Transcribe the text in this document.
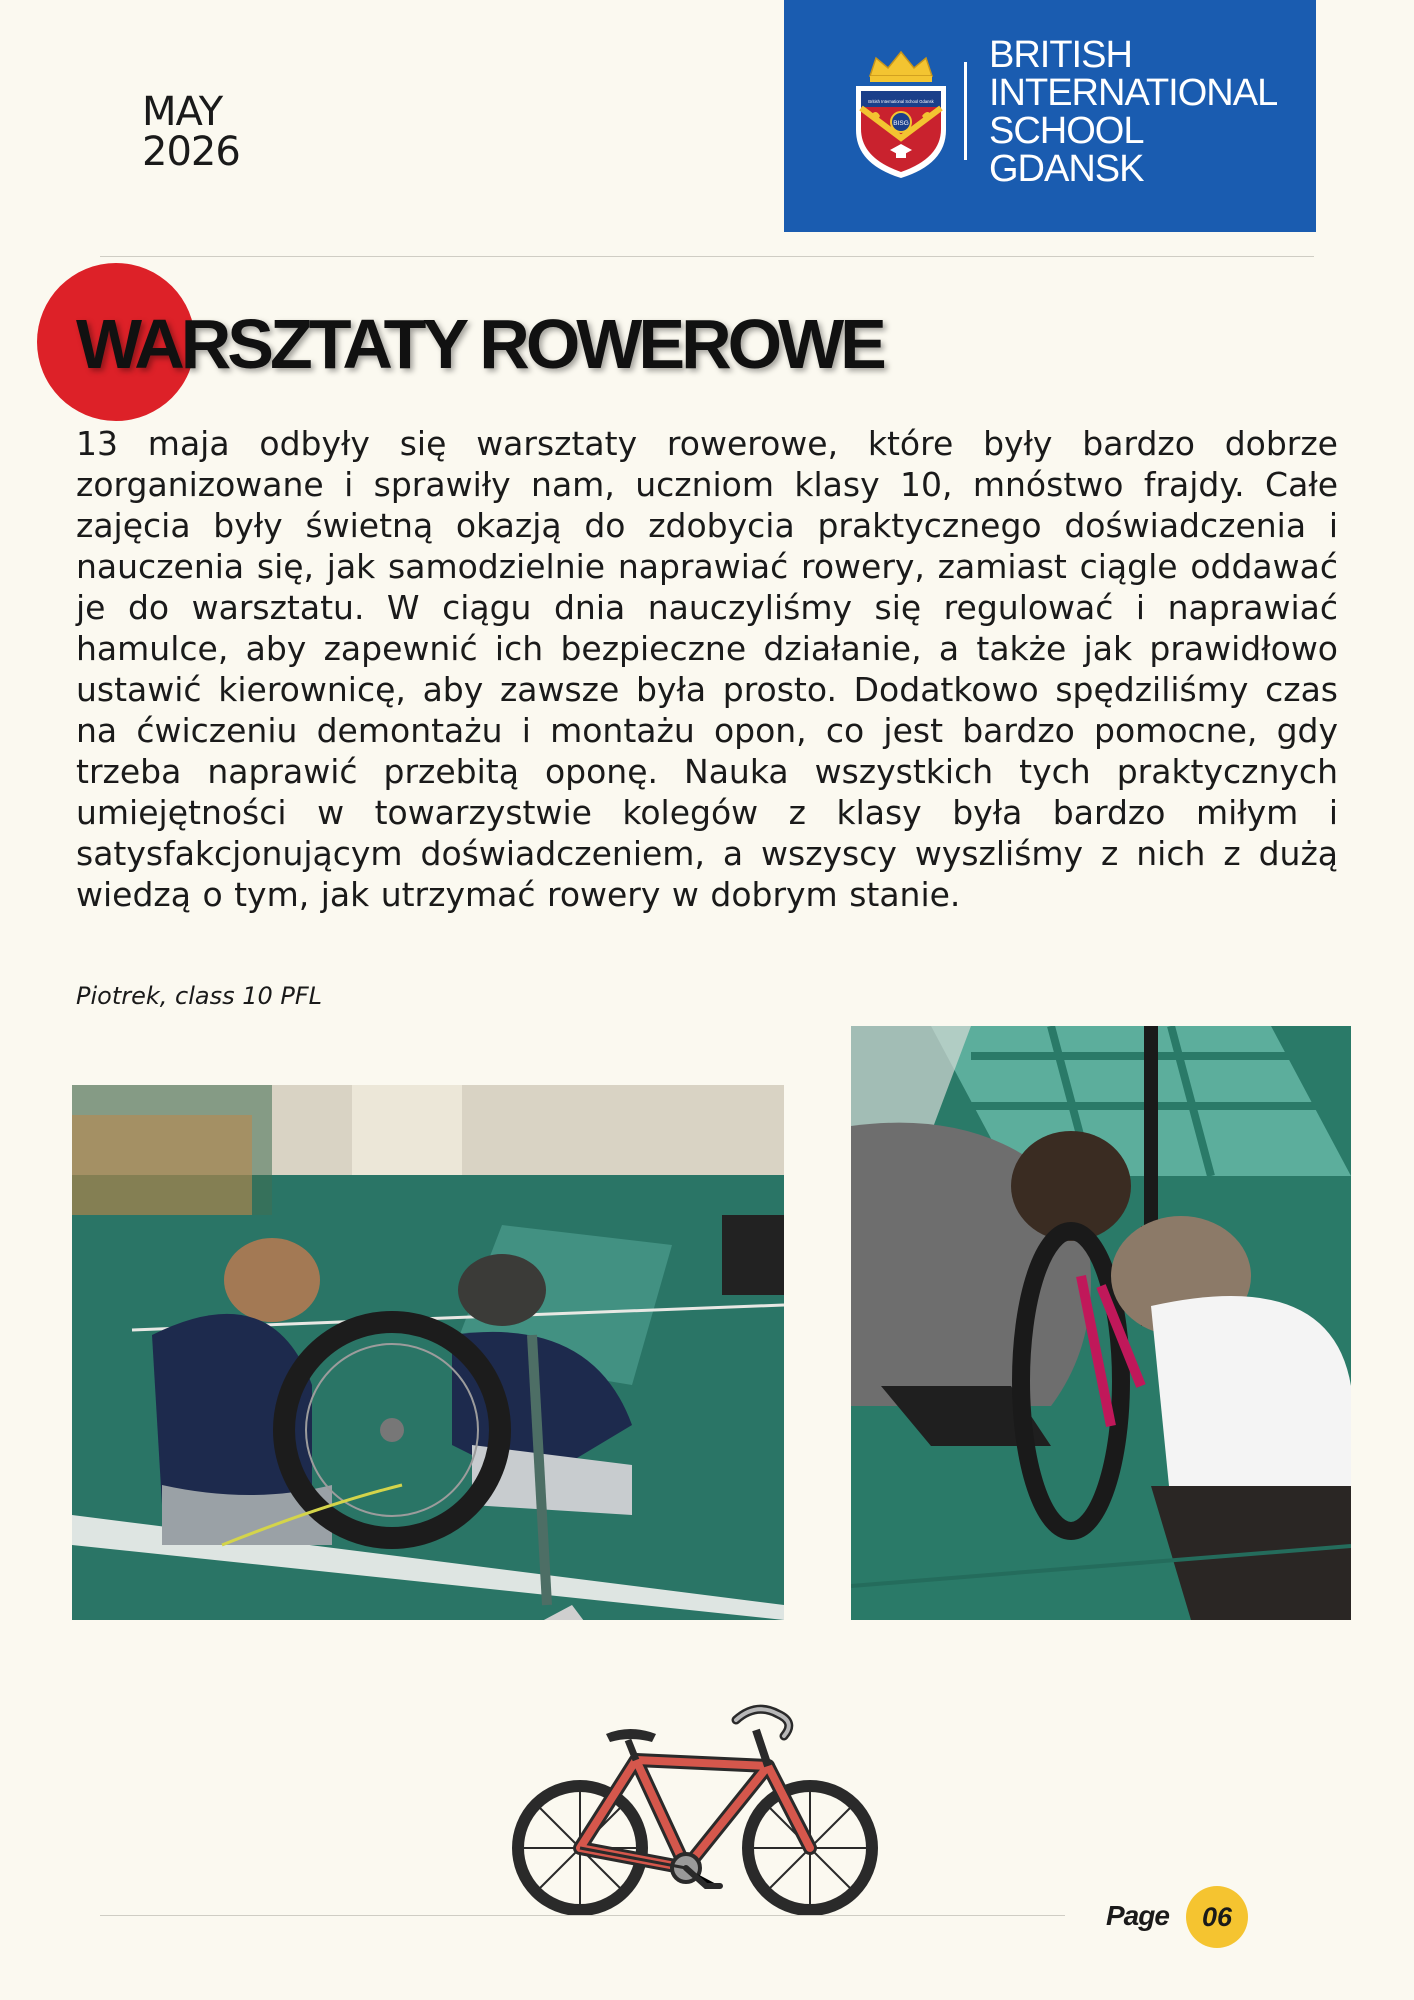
MAY
2026
British International School Gdansk
BISG
BRITISH
INTERNATIONAL
SCHOOL
GDANSK
WARSZTATY ROWEROWE

13 maja odbyły się warsztaty rowerowe, które były bardzo dobrze zorganizowane i sprawiły nam, uczniom klasy 10, mnóstwo frajdy. Całe zajęcia były świetną okazją do zdobycia praktycznego doświadczenia i nauczenia się, jak samodzielnie naprawiać rowery, zamiast ciągle oddawać je do warsztatu. W ciągu dnia nauczyliśmy się regulować i naprawiać hamulce, aby zapewnić ich bezpieczne działanie, a także jak prawidłowo ustawić kierownicę, aby zawsze była prosto. Dodatkowo spędziliśmy czas na ćwiczeniu demontażu i montażu opon, co jest bardzo pomocne, gdy trzeba naprawić przebitą oponę. Nauka wszystkich tych praktycznych umiejętności w towarzystwie kolegów z klasy była bardzo miłym i satysfakcjonującym doświadczeniem, a wszyscy wyszliśmy z nich z dużą wiedzą o tym, jak utrzymać rowery w dobrym stanie.

Piotrek, class 10 PFL
Page	06
